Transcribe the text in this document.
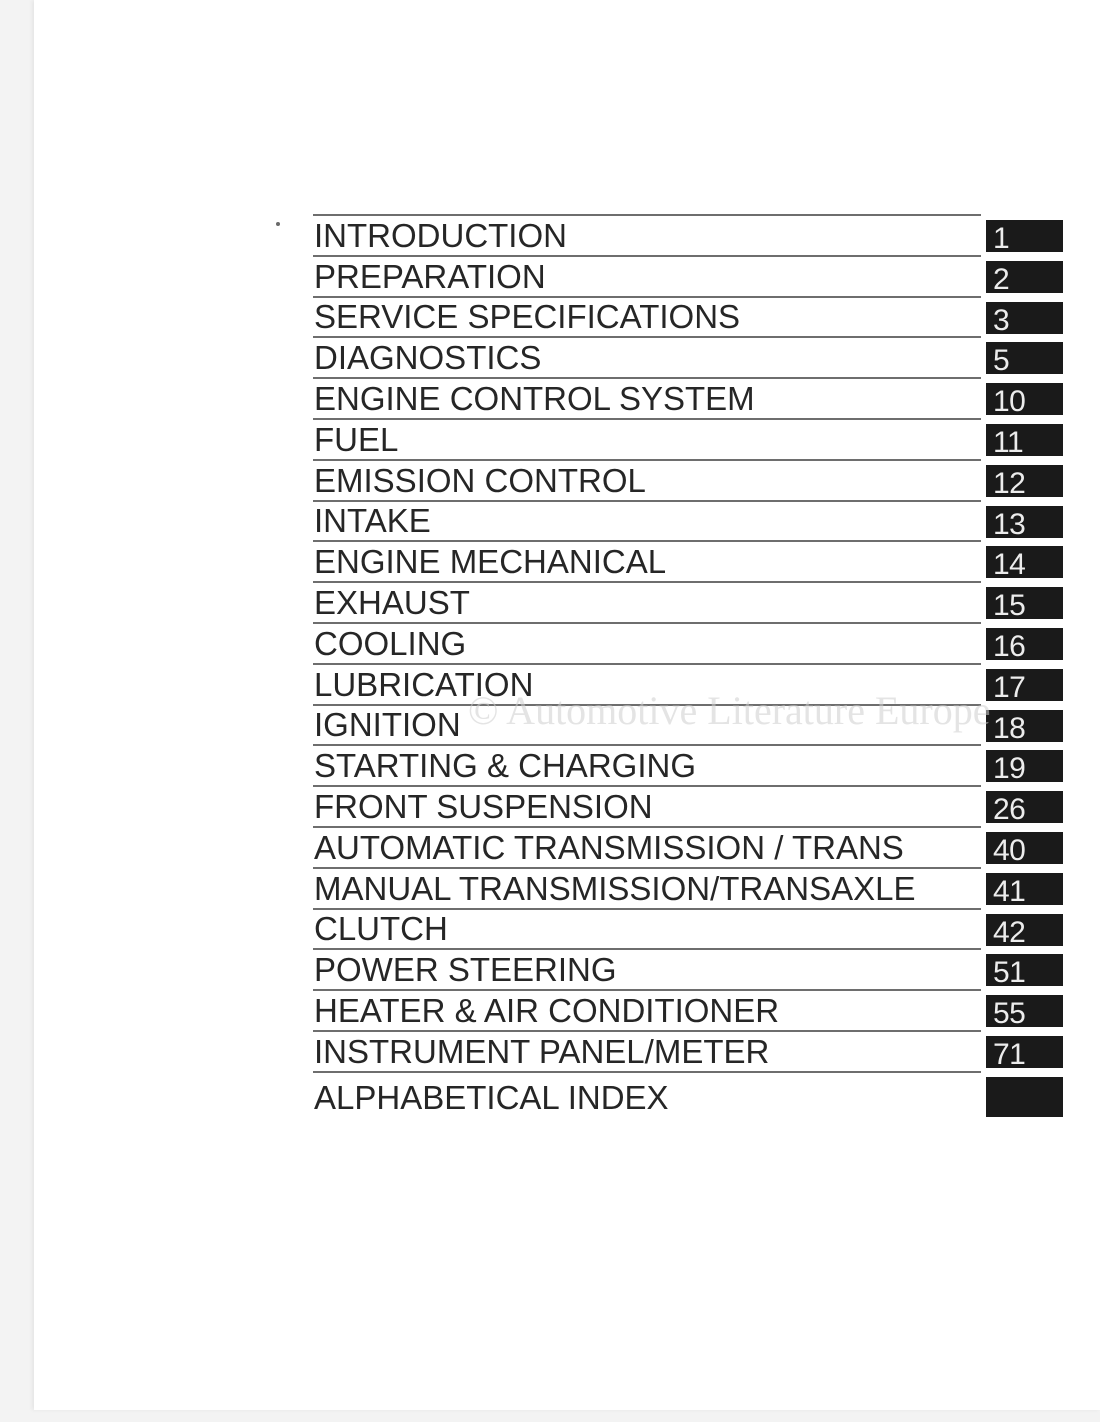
INTRODUCTION	1
PREPARATION	2
SERVICE SPECIFICATIONS	3
DIAGNOSTICS	5
ENGINE CONTROL SYSTEM	10
FUEL	11
EMISSION CONTROL	12
INTAKE	13
ENGINE MECHANICAL	14
EXHAUST	15
COOLING	16
LUBRICATION	17
IGNITION	18
STARTING & CHARGING	19
FRONT SUSPENSION	26
AUTOMATIC TRANSMISSION / TRANS	40
MANUAL TRANSMISSION/TRANSAXLE	41
CLUTCH	42
POWER STEERING	51
HEATER & AIR CONDITIONER	55
INSTRUMENT PANEL/METER	71
ALPHABETICAL INDEX
© Automotive Literature Europe
